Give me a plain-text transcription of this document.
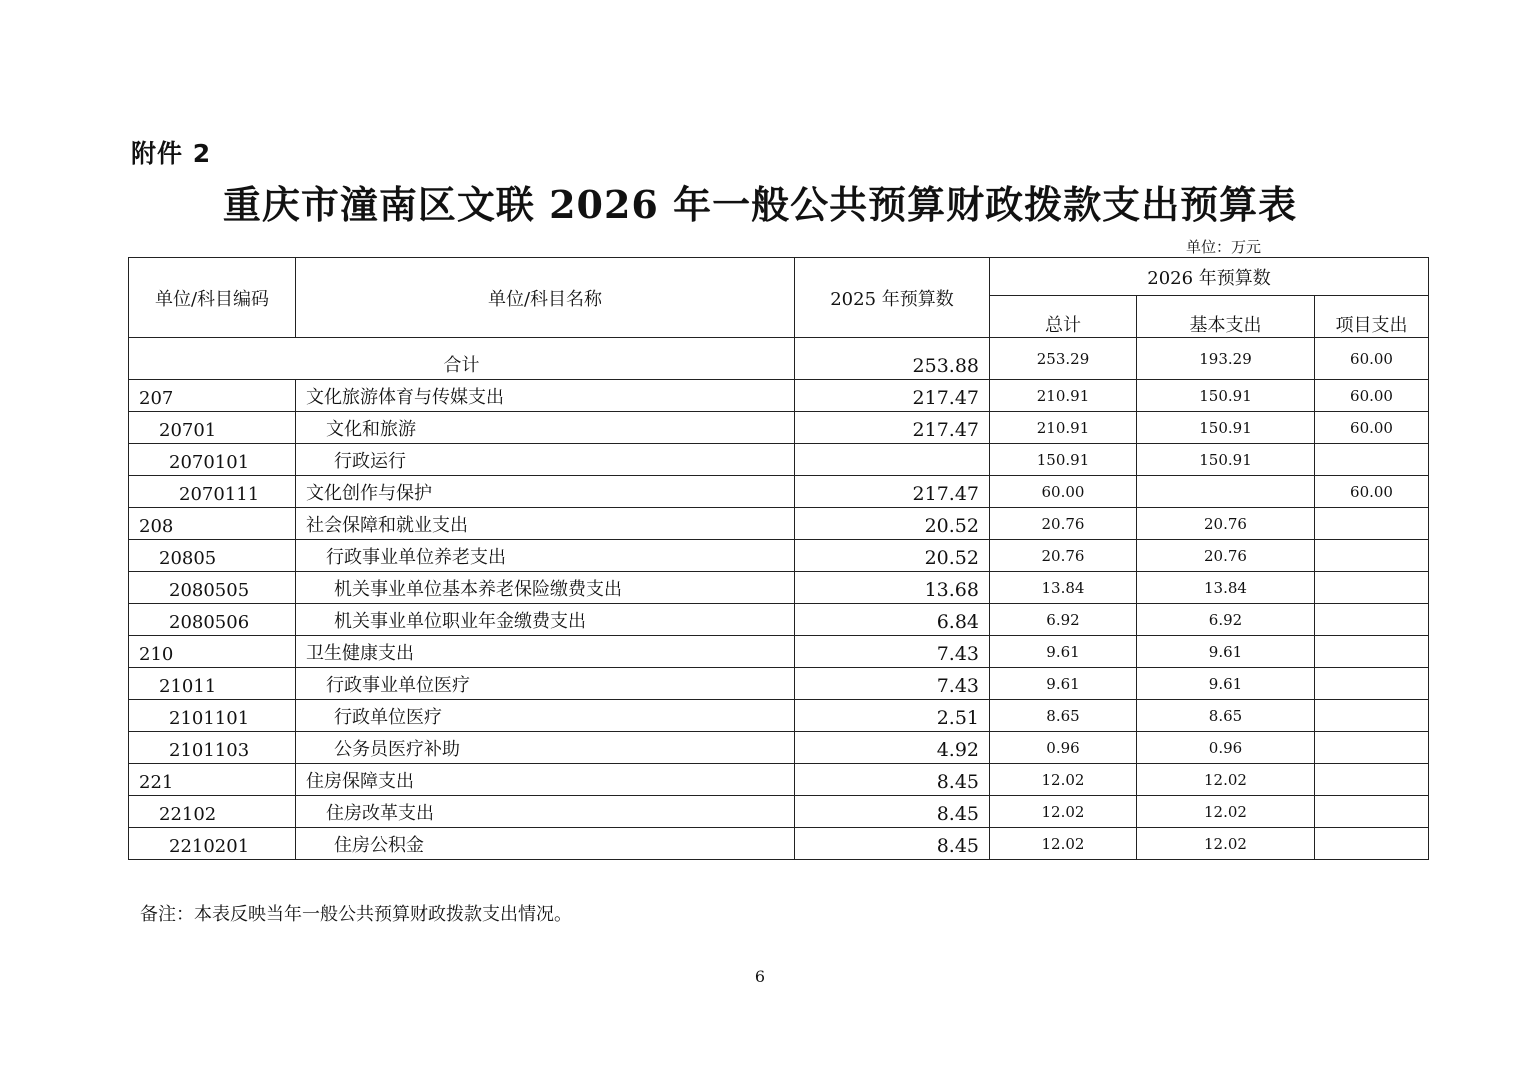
附件 2
重庆市潼南区文联 2026 年一般公共预算财政拨款支出预算表
单位：万元
单位/科目编码	单位/科目名称	2025 年预算数	2026 年预算数		
			总计	基本支出	项目支出
合计		253.88	253.29	193.29	60.00
207	文化旅游体育与传媒支出	217.47	210.91	150.91	60.00
20701	文化和旅游	217.47	210.91	150.91	60.00
2070101	行政运行		150.91	150.91	
2070111	文化创作与保护	217.47	60.00		60.00
208	社会保障和就业支出	20.52	20.76	20.76	
20805	行政事业单位养老支出	20.52	20.76	20.76	
2080505	机关事业单位基本养老保险缴费支出	13.68	13.84	13.84	
2080506	机关事业单位职业年金缴费支出	6.84	6.92	6.92	
210	卫生健康支出	7.43	9.61	9.61	
21011	行政事业单位医疗	7.43	9.61	9.61	
2101101	行政单位医疗	2.51	8.65	8.65	
2101103	公务员医疗补助	4.92	0.96	0.96	
221	住房保障支出	8.45	12.02	12.02	
22102	住房改革支出	8.45	12.02	12.02	
2210201	住房公积金	8.45	12.02	12.02	
备注：本表反映当年一般公共预算财政拨款支出情况。
6
